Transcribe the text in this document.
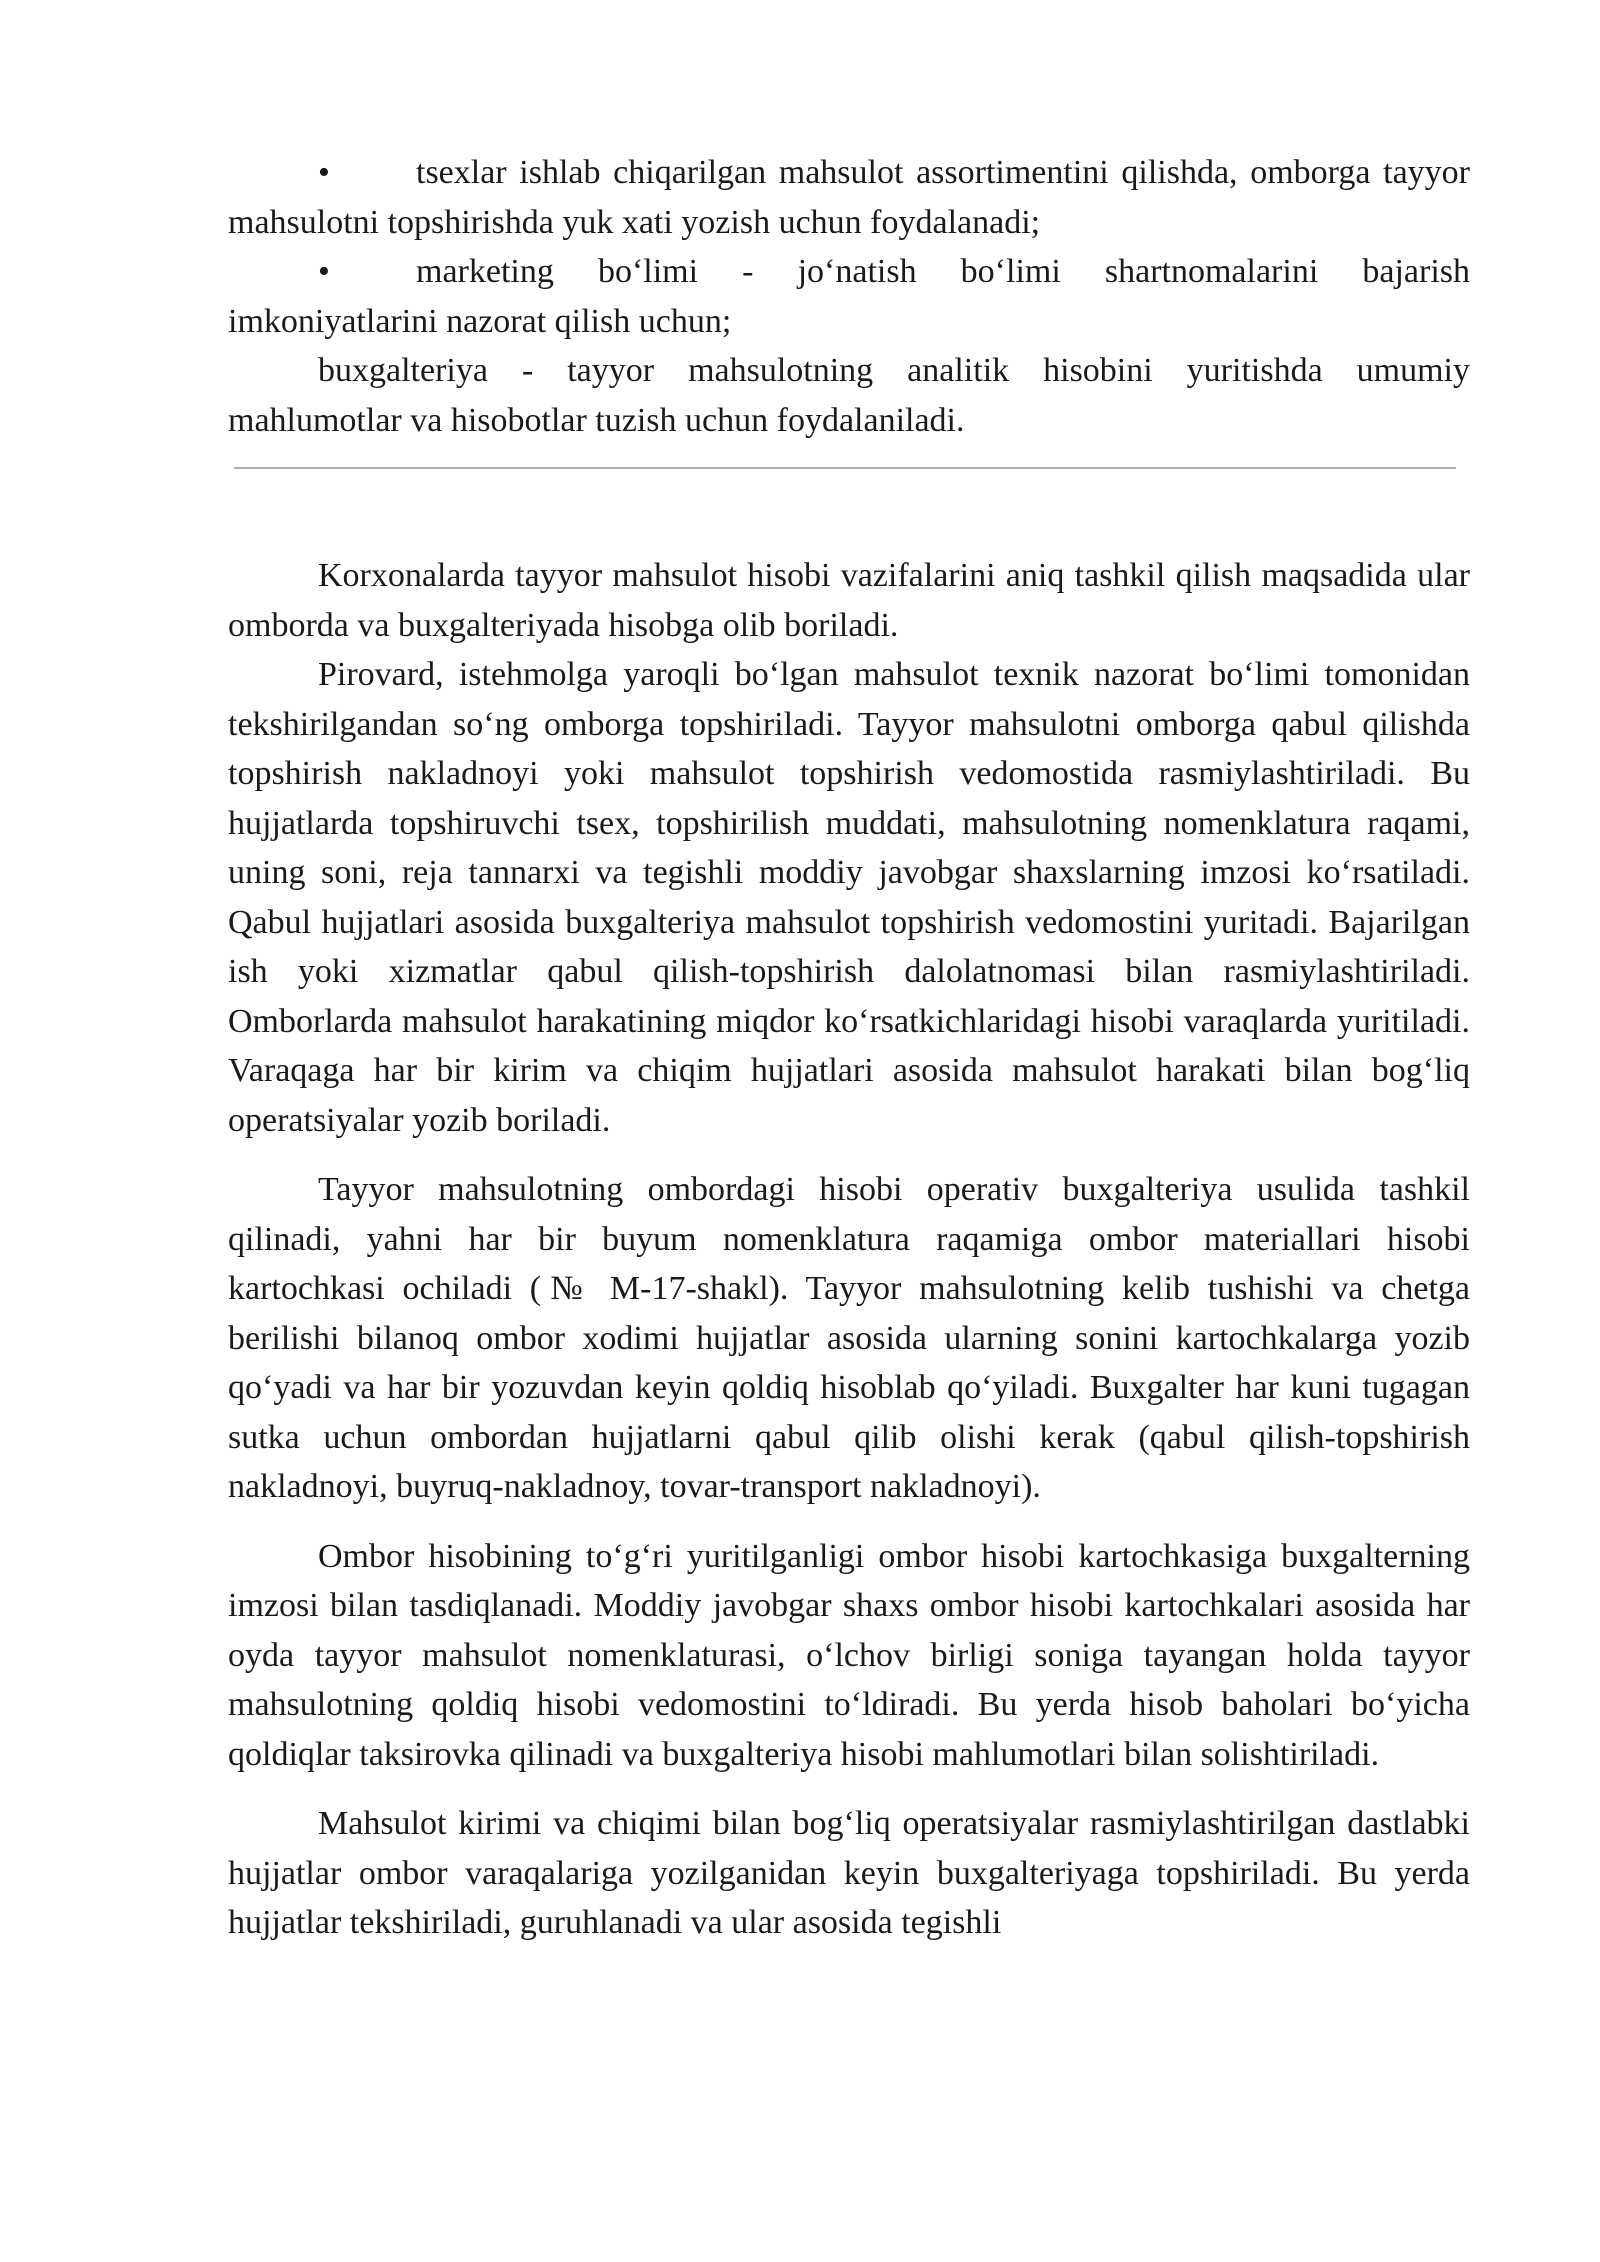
•	tsexlar ishlab chiqarilgan mahsulot assortimentini qilishda, omborga tayyor mahsulotni topshirishda yuk xati yozish uchun foydalanadi;

•	marketing bo‘limi - jo‘natish bo‘limi shartnomalarini bajarish imkoniyatlarini nazorat qilish uchun;

buxgalteriya - tayyor mahsulotning analitik hisobini yuritishda umumiy mahlumotlar va hisobotlar tuzish uchun foydalaniladi.

Korxonalarda tayyor mahsulot hisobi vazifalarini aniq tashkil qilish maqsadida ular omborda va buxgalteriyada hisobga olib boriladi.

Pirovard, istehmolga yaroqli bo‘lgan mahsulot texnik nazorat bo‘limi tomonidan tekshirilgandan so‘ng omborga topshiriladi. Tayyor mahsulotni omborga qabul qilishda topshirish nakladnoyi yoki mahsulot topshirish vedomostida rasmiylashtiriladi. Bu hujjatlarda topshiruvchi tsex, topshirilish muddati, mahsulotning nomenklatura raqami, uning soni, reja tannarxi va tegishli moddiy javobgar shaxslarning imzosi ko‘rsatiladi. Qabul hujjatlari asosida buxgalteriya mahsulot topshirish vedomostini yuritadi. Bajarilgan ish yoki xizmatlar qabul qilish-topshirish dalolatnomasi bilan rasmiylashtiriladi. Omborlarda mahsulot harakatining miqdor ko‘rsatkichlaridagi hisobi varaqlarda yuritiladi. Varaqaga har bir kirim va chiqim hujjatlari asosida mahsulot harakati bilan bog‘liq operatsiyalar yozib boriladi.

Tayyor mahsulotning ombordagi hisobi operativ buxgalteriya usulida tashkil qilinadi, yahni har bir buyum nomenklatura raqamiga ombor materiallari hisobi kartochkasi ochiladi (№ M-17-shakl). Tayyor mahsulotning kelib tushishi va chetga berilishi bilanoq ombor xodimi hujjatlar asosida ularning sonini kartochkalarga yozib qo‘yadi va har bir yozuvdan keyin qoldiq hisoblab qo‘yiladi. Buxgalter har kuni tugagan sutka uchun ombordan hujjatlarni qabul qilib olishi kerak (qabul qilish-topshirish nakladnoyi, buyruq-nakladnoy, tovar-transport nakladnoyi).

Ombor hisobining to‘g‘ri yuritilganligi ombor hisobi kartochkasiga buxgalterning imzosi bilan tasdiqlanadi. Moddiy javobgar shaxs ombor hisobi kartochkalari asosida har oyda tayyor mahsulot nomenklaturasi, o‘lchov birligi soniga tayangan holda tayyor mahsulotning qoldiq hisobi vedomostini to‘ldiradi. Bu yerda hisob baholari bo‘yicha qoldiqlar taksirovka qilinadi va buxgalteriya hisobi mahlumotlari bilan solishtiriladi.

Mahsulot kirimi va chiqimi bilan bog‘liq operatsiyalar rasmiylashtirilgan dastlabki hujjatlar ombor varaqalariga yozilganidan keyin buxgalteriyaga topshiriladi. Bu yerda hujjatlar tekshiriladi, guruhlanadi va ular asosida tegishli
